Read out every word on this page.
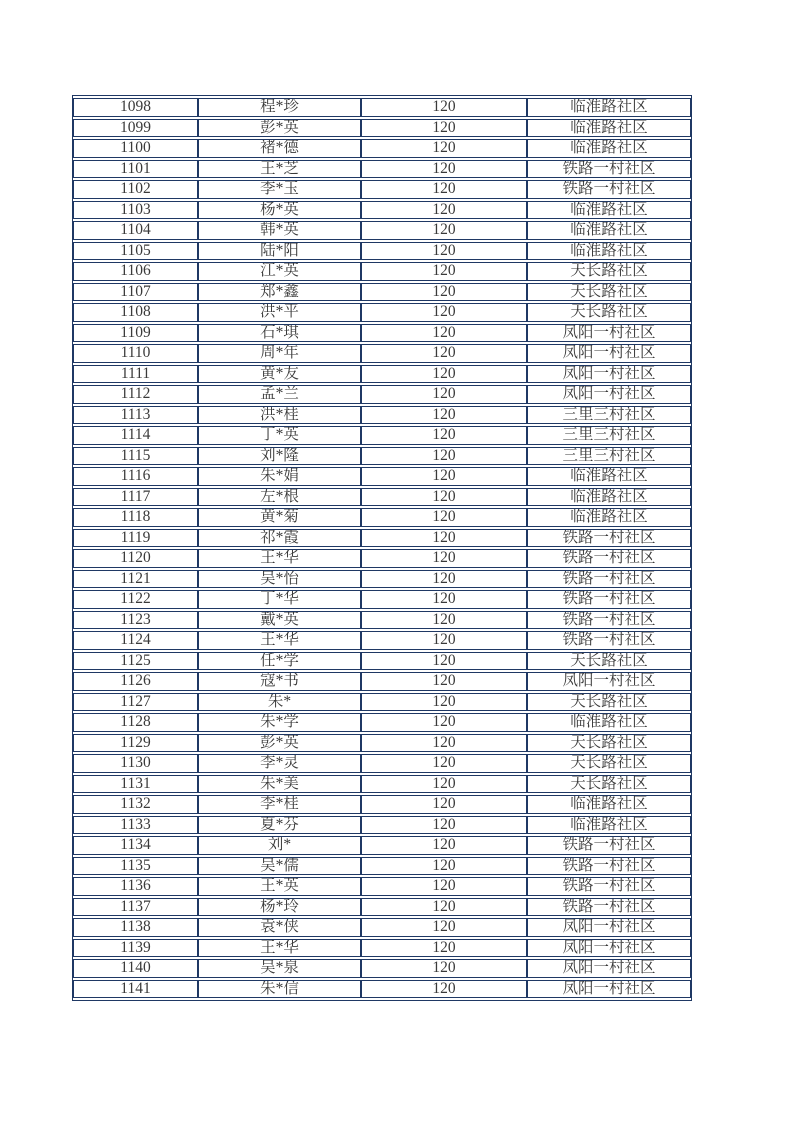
1098	程*珍	120	临淮路社区
1099	彭*英	120	临淮路社区
1100	褚*德	120	临淮路社区
1101	王*芝	120	铁路一村社区
1102	李*玉	120	铁路一村社区
1103	杨*英	120	临淮路社区
1104	韩*英	120	临淮路社区
1105	陆*阳	120	临淮路社区
1106	江*英	120	天长路社区
1107	郑*鑫	120	天长路社区
1108	洪*平	120	天长路社区
1109	石*琪	120	凤阳一村社区
1110	周*年	120	凤阳一村社区
1111	黄*友	120	凤阳一村社区
1112	孟*兰	120	凤阳一村社区
1113	洪*桂	120	三里三村社区
1114	丁*英	120	三里三村社区
1115	刘*隆	120	三里三村社区
1116	朱*娟	120	临淮路社区
1117	左*根	120	临淮路社区
1118	黄*菊	120	临淮路社区
1119	祁*霞	120	铁路一村社区
1120	王*华	120	铁路一村社区
1121	吴*怡	120	铁路一村社区
1122	丁*华	120	铁路一村社区
1123	戴*英	120	铁路一村社区
1124	王*华	120	铁路一村社区
1125	任*学	120	天长路社区
1126	寇*书	120	凤阳一村社区
1127	朱*	120	天长路社区
1128	朱*学	120	临淮路社区
1129	彭*英	120	天长路社区
1130	李*灵	120	天长路社区
1131	朱*美	120	天长路社区
1132	李*桂	120	临淮路社区
1133	夏*芬	120	临淮路社区
1134	刘*	120	铁路一村社区
1135	吴*儒	120	铁路一村社区
1136	王*英	120	铁路一村社区
1137	杨*玲	120	铁路一村社区
1138	袁*侠	120	凤阳一村社区
1139	王*华	120	凤阳一村社区
1140	吴*泉	120	凤阳一村社区
1141	朱*信	120	凤阳一村社区
